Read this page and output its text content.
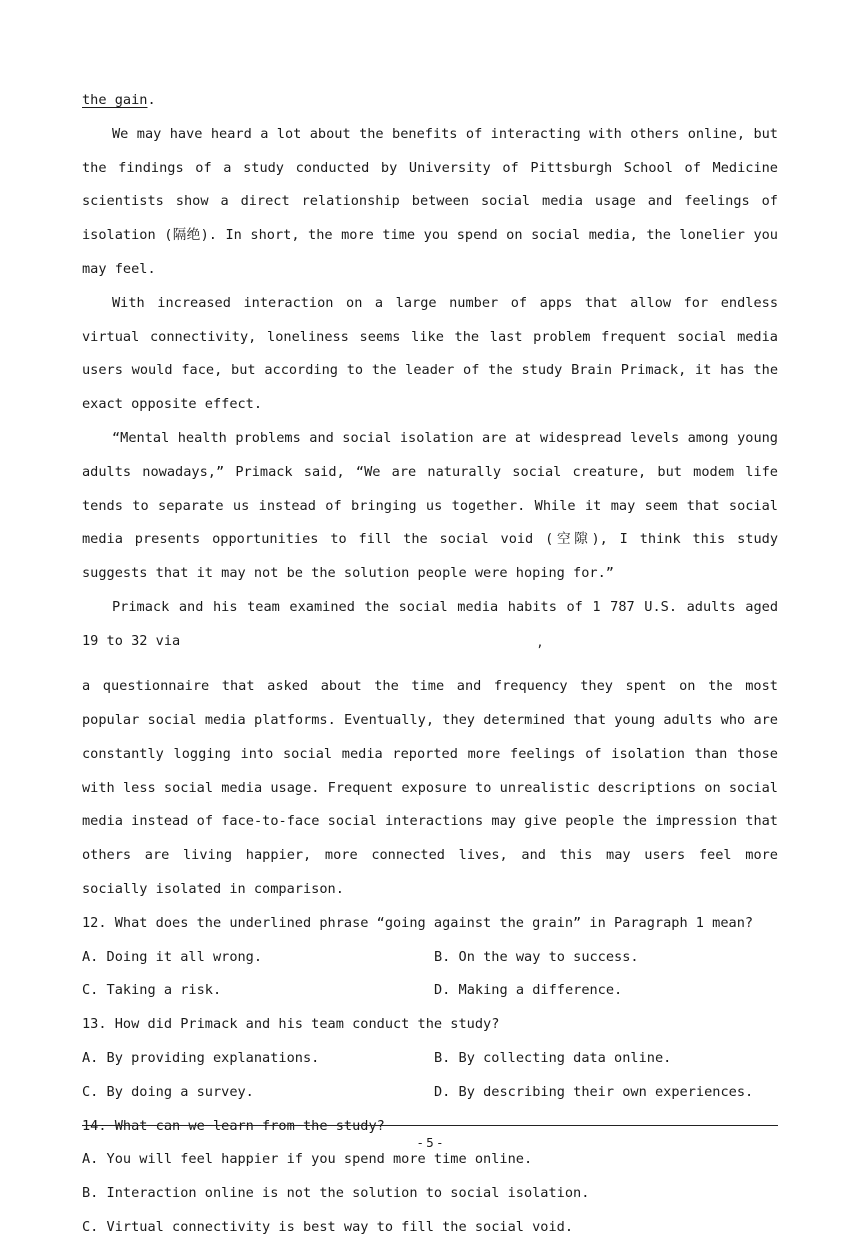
the gain.

We may have heard a lot about the benefits of interacting with others online, but the findings of a study conducted by University of Pittsburgh School of Medicine scientists show a direct relationship between social media usage and feelings of isolation (隔绝). In short, the more time you spend on social media, the lonelier you may feel.

With increased interaction on a large number of apps that allow for endless virtual connectivity, loneliness seems like the last problem frequent social media users would face, but according to the leader of the study Brain Primack, it has the exact opposite effect.

“Mental health problems and social isolation are at widespread levels among young adults nowadays,” Primack said, “We are naturally social creature, but modem life tends to separate us instead of bringing us together. While it may seem that social media presents opportunities to fill the social void (空隙), I think this study suggests that it may not be the solution people were hoping for.”

Primack and his team examined the social media habits of 1 787 U.S. adults aged 19 to 32 via

’

a questionnaire that asked about the time and frequency they spent on the most popular social media platforms. Eventually, they determined that young adults who are constantly logging into social media reported more feelings of isolation than those with less social media usage. Frequent exposure to unrealistic descriptions on social media instead of face-to-face social interactions may give people the impression that others are living happier, more connected lives, and this may users feel more socially isolated in comparison.

12. What does the underlined phrase “going against the grain” in Paragraph 1 mean?

A. Doing it all wrong.	B. On the way to success.
C. Taking a risk.	D. Making a difference.

13. How did Primack and his team conduct the study?

A. By providing explanations.	B. By collecting data online.
C. By doing a survey.	D. By describing their own experiences.

14. What can we learn from the study?

A. You will feel happier if you spend more time online.

B. Interaction online is not the solution to social isolation.

C. Virtual connectivity is best way to fill the social void.

- 5 -
